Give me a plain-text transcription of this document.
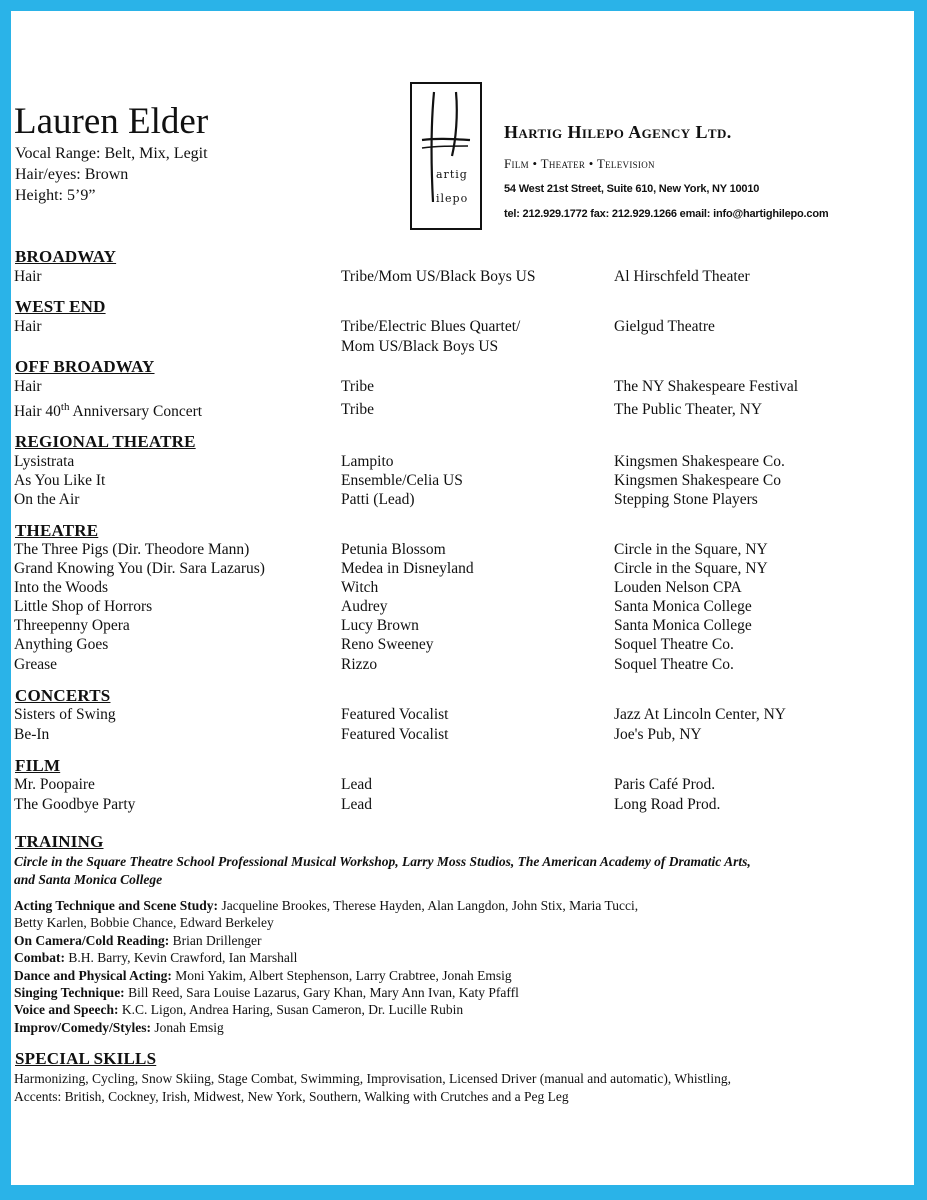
Lauren Elder
Vocal Range: Belt, Mix, Legit
Hair/eyes: Brown
Height: 5’9”
artig
ilepo
Hartig Hilepo Agency Ltd.
Film • Theater • Television
54 West 21st Street, Suite 610, New York, NY 10010
tel: 212.929.1772 fax: 212.929.1266 email: info@hartighilepo.com
BROADWAY
Hair	Tribe/Mom US/Black Boys US	Al Hirschfeld Theater
WEST END
Hair	Tribe/Electric Blues Quartet/	Gielgud Theatre
Mom US/Black Boys US
OFF BROADWAY
Hair	Tribe	The NY Shakespeare Festival
Hair 40th Anniversary Concert	Tribe	The Public Theater, NY
REGIONAL THEATRE
Lysistrata	Lampito	Kingsmen Shakespeare Co.
As You Like It	Ensemble/Celia US	Kingsmen Shakespeare Co
On the Air	Patti (Lead)	Stepping Stone Players
THEATRE
The Three Pigs (Dir. Theodore Mann)	Petunia Blossom	Circle in the Square, NY
Grand Knowing You (Dir. Sara Lazarus)	Medea in Disneyland	Circle in the Square, NY
Into the Woods	Witch	Louden Nelson CPA
Little Shop of Horrors	Audrey	Santa Monica College
Threepenny Opera	Lucy Brown	Santa Monica College
Anything Goes	Reno Sweeney	Soquel Theatre Co.
Grease	Rizzo	Soquel Theatre Co.
CONCERTS
Sisters of Swing	Featured Vocalist	Jazz At Lincoln Center, NY
Be-In	Featured Vocalist	Joe's Pub, NY
FILM
Mr. Poopaire	Lead	Paris Café Prod.
The Goodbye Party	Lead	Long Road Prod.
TRAINING
Circle in the Square Theatre School Professional Musical Workshop, Larry Moss Studios, The American Academy of Dramatic Arts, and Santa Monica College
Acting Technique and Scene Study: Jacqueline Brookes, Therese Hayden, Alan Langdon, John Stix, Maria Tucci,
Betty Karlen, Bobbie Chance, Edward Berkeley
On Camera/Cold Reading: Brian Drillenger
Combat: B.H. Barry, Kevin Crawford, Ian Marshall
Dance and Physical Acting: Moni Yakim, Albert Stephenson, Larry Crabtree, Jonah Emsig
Singing Technique: Bill Reed, Sara Louise Lazarus, Gary Khan, Mary Ann Ivan, Katy Pfaffl
Voice and Speech: K.C. Ligon, Andrea Haring, Susan Cameron, Dr. Lucille Rubin
Improv/Comedy/Styles: Jonah Emsig
SPECIAL SKILLS
Harmonizing, Cycling, Snow Skiing, Stage Combat, Swimming, Improvisation, Licensed Driver (manual and automatic), Whistling,
Accents: British, Cockney, Irish, Midwest, New York, Southern, Walking with Crutches and a Peg Leg
